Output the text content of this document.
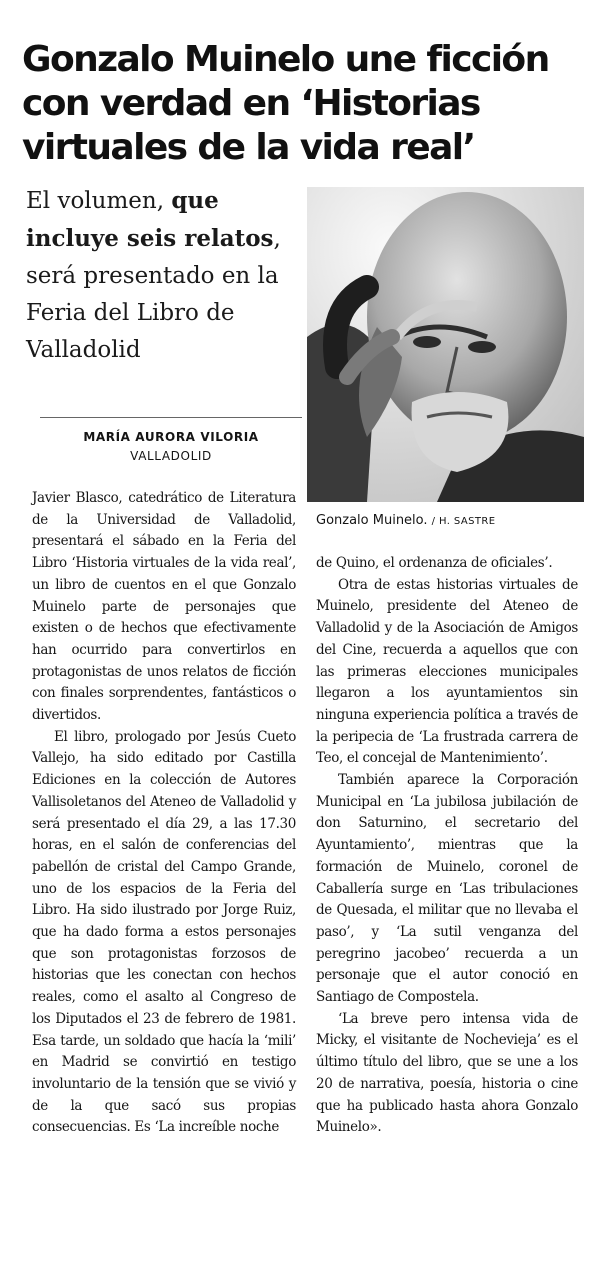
Gonzalo Muinelo une ficción con verdad en ‘Historias virtuales de la vida real’
El volumen, que incluye seis relatos, será presentado en la Feria del Libro de Valladolid
Gonzalo Muinelo. / H. SASTRE
MARÍA AURORA VILORIA
VALLADOLID

Javier Blasco, catedrático de Literatura de la Universidad de Valladolid, presentará el sábado en la Feria del Libro ‘Historia virtuales de la vida real’, un libro de cuentos en el que Gonzalo Muinelo parte de personajes que existen o de hechos que efectivamente han ocurrido para convertirlos en protagonistas de unos relatos de ficción con finales sorprendentes, fantásticos o divertidos.

El libro, prologado por Jesús Cueto Vallejo, ha sido editado por Castilla Ediciones en la colección de Autores Vallisoletanos del Ateneo de Valladolid y será presentado el día 29, a las 17.30 horas, en el salón de conferencias del pabellón de cristal del Campo Grande, uno de los espacios de la Feria del Libro. Ha sido ilustrado por Jorge Ruiz, que ha dado forma a estos personajes que son protagonistas forzosos de historias que les conectan con hechos reales, como el asalto al Congreso de los Diputados el 23 de febrero de 1981. Esa tarde, un soldado que hacía la ‘mili’ en Madrid se convirtió en testigo involuntario de la tensión que se vivió y de la que sacó sus propias consecuencias. Es ‘La increíble noche

de Quino, el ordenanza de oficiales’.

Otra de estas historias virtuales de Muinelo, presidente del Ateneo de Valladolid y de la Asociación de Amigos del Cine, recuerda a aquellos que con las primeras elecciones municipales llegaron a los ayuntamientos sin ninguna experiencia política a través de la peripecia de ‘La frustrada carrera de Teo, el concejal de Mantenimiento’.

También aparece la Corporación Municipal en ‘La jubilosa jubilación de don Saturnino, el secretario del Ayuntamiento’, mientras que la formación de Muinelo, coronel de Caballería surge en ‘Las tribulaciones de Quesada, el militar que no llevaba el paso’, y ‘La sutil venganza del peregrino jacobeo’ recuerda a un personaje que el autor conoció en Santiago de Compostela.

‘La breve pero intensa vida de Micky, el visitante de Nochevieja’ es el último título del libro, que se une a los 20 de narrativa, poesía, historia o cine que ha publicado hasta ahora Gonzalo Muinelo».
